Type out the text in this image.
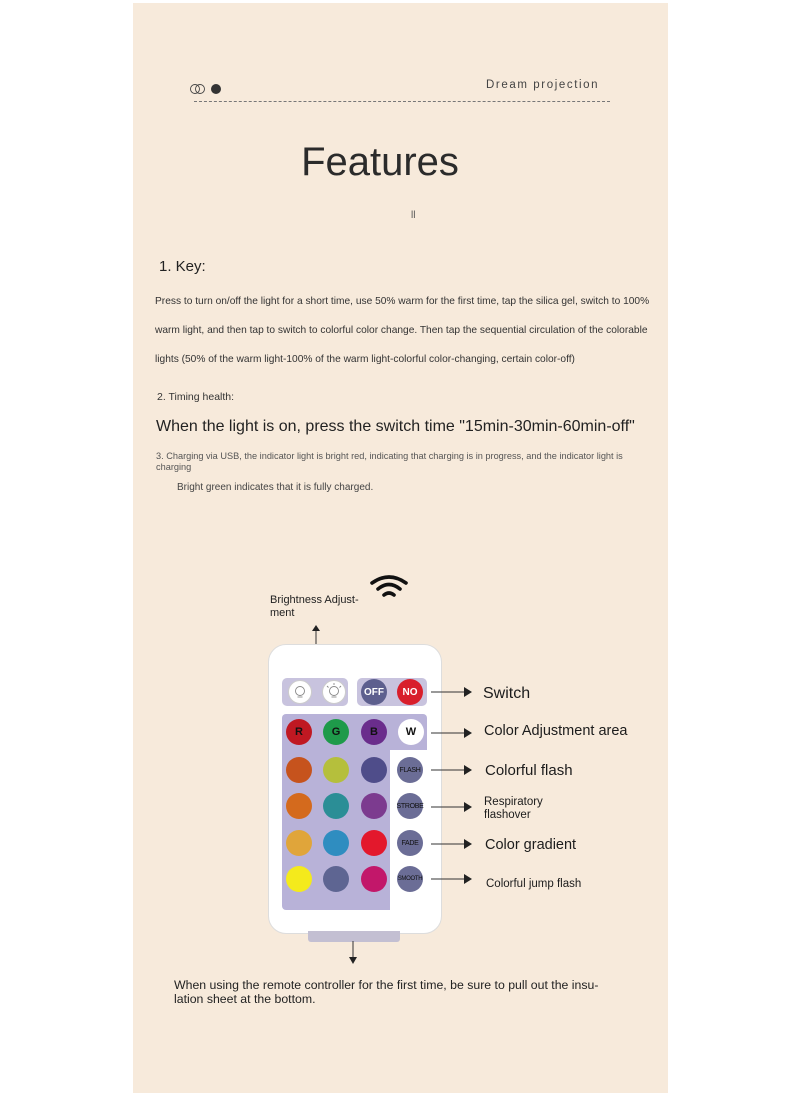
Dream projection
Features
ll
1. Key:
Press to turn on/off the light for a short time, use 50% warm for the first time, tap the silica gel, switch to 100%
warm light, and then tap to switch to colorful color change. Then tap the sequential circulation of the colorable
lights (50% of the warm light-100% of the warm light-colorful color-changing, certain color-off)
2. Timing health:
When the light is on, press the switch time "15min-30min-60min-off"
3. Charging via USB, the indicator light is bright red, indicating that charging is in progress, and the indicator light is charging
Bright green indicates that it is fully charged.
Brightness Adjust-ment
OFF	NO
R	G	B	W
FLASH
STROBE
FADE
SMOOTH
Switch
Color Adjustment area
Colorful flash
Respiratory flashover
Color gradient
Colorful jump flash
When using the remote controller for the first time, be sure to pull out the insu-lation sheet at the bottom.
